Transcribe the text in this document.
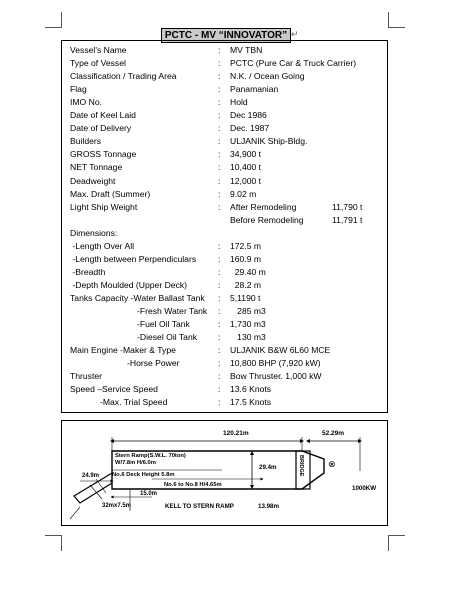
PCTC - MV “INNOVATOR” ↵
Vessel's Name	: MV TBN
Type of Vessel	: PCTC (Pure Car & Truck Carrier)
Classification / Trading Area	: N.K. / Ocean Going
Flag	: Panamanian
IMO No.	: Hold
Date of Keel Laid	: Dec 1986
Date of Delivery	: Dec. 1987
Builders	: ULJANIK Ship-Bldg.
GROSS Tonnage	: 34,900 t
NET Tonnage	: 10,400 t
Deadweight	: 12,000 t
Max. Draft (Summer)	: 9.02 m
Light Ship Weight	: After Remodeling	11,790 t
Before Remodeling	11,791 t
Dimensions:
-Length Over All	: 172.5 m
-Length between Perpendiculars	: 160.9 m
-Breadth	: 29.40 m
-Depth Moulded (Upper Deck)	: 28.2 m
Tanks Capacity -Water Ballast Tank : 5,1190 t
-Fresh Water Tank : 285 m3
-Fuel Oil Tank	: 1,730 m3
-Diesel Oil Tank : 130 m3
Main Engine -Maker & Type	: ULJANIK B&W 6L60 MCE
-Horse Power	: 10,800 BHP (7,920 kW)
Thruster	: Bow Thruster. 1,000 kW
Speed –Service Speed	: 13.6 Knots
-Max. Trial Speed	: 17.5 Knots
120.21m	52.29m
Stern Ramp(S.W.L. 70ton)
W/7.8m H/6.0m
29.4m	BRIDGE	⊗
1000KW
24.9m No.6 Deck Height 5.8m
No.6 to No.8 H/4.65m
15.0m
32mx7.5m	KELL TO STERN RAMP	13.98m
